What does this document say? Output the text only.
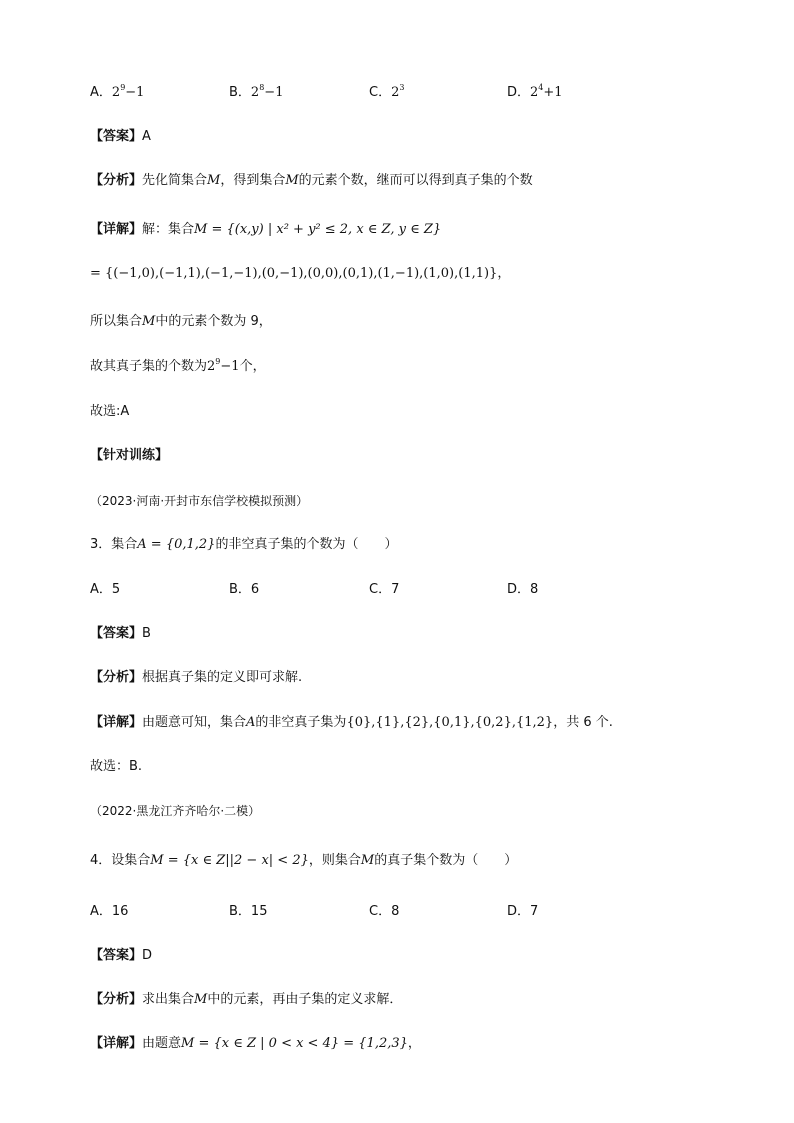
A．$2^9-1$	B．$2^8-1$	C．$2^3$	D．$2^4+1$
【答案】A
【分析】先化简集合M，得到集合M的元素个数，继而可以得到真子集的个数
【详解】解：集合M = {(x,y) | x² + y² ≤ 2, x ∈ Z, y ∈ Z}
= {(−1,0),(−1,1),(−1,−1),(0,−1),(0,0),(0,1),(1,−1),(1,0),(1,1)}，
所以集合M中的元素个数为 9，
故其真子集的个数为$2^9-1$个，
故选:A
【针对训练】
（2023·河南·开封市东信学校模拟预测）
3．集合A = {0,1,2}的非空真子集的个数为（　　）
A．5	B．6	C．7	D．8
【答案】B
【分析】根据真子集的定义即可求解.
【详解】由题意可知，集合A的非空真子集为{0},{1},{2},{0,1},{0,2},{1,2}，共 6 个.
故选：B.
（2022·黑龙江齐齐哈尔·二模）
4．设集合M = {x ∈ Z||2 − x| < 2}，则集合M的真子集个数为（　　）
A．16	B．15	C．8	D．7
【答案】D
【分析】求出集合M中的元素，再由子集的定义求解．
【详解】由题意M = {x ∈ Z | 0 < x < 4} = {1,2,3}，
